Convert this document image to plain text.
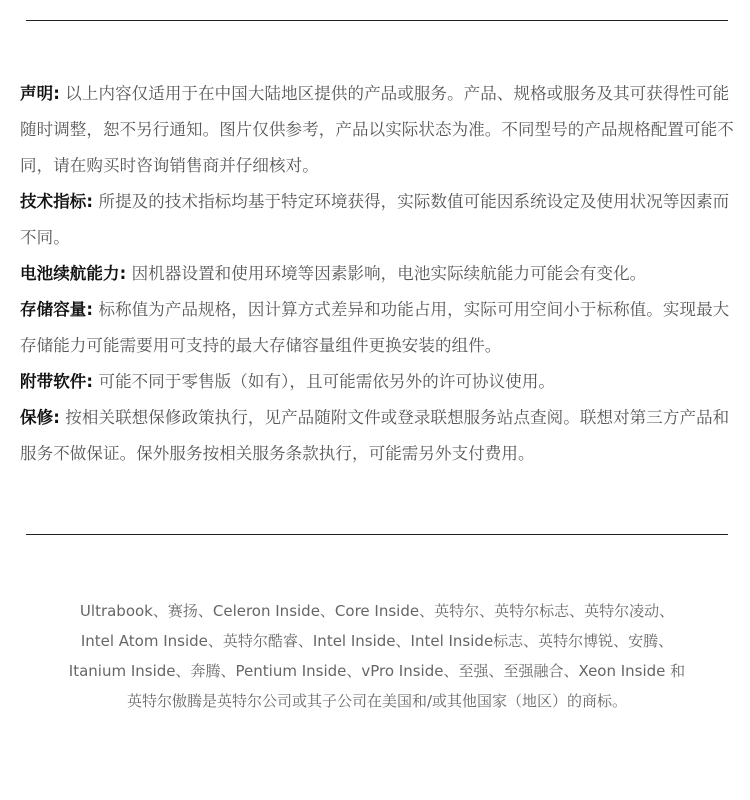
声明: 以上内容仅适用于在中国大陆地区提供的产品或服务。产品、规格或服务及其可获得性可能随时调整，恕不另行通知。图片仅供参考，产品以实际状态为准。不同型号的产品规格配置可能不同，请在购买时咨询销售商并仔细核对。

技术指标: 所提及的技术指标均基于特定环境获得，实际数值可能因系统设定及使用状况等因素而不同。

电池续航能力: 因机器设置和使用环境等因素影响，电池实际续航能力可能会有变化。

存储容量: 标称值为产品规格，因计算方式差异和功能占用，实际可用空间小于标称值。实现最大存储能力可能需要用可支持的最大存储容量组件更换安装的组件。

附带软件: 可能不同于零售版（如有），且可能需依另外的许可协议使用。

保修: 按相关联想保修政策执行，见产品随附文件或登录联想服务站点查阅。联想对第三方产品和服务不做保证。保外服务按相关服务条款执行，可能需另外支付费用。

Ultrabook、赛扬、Celeron Inside、Core Inside、英特尔、英特尔标志、英特尔凌动、
Intel Atom Inside、英特尔酷睿、Intel Inside、Intel Inside标志、英特尔博锐、安腾、
Itanium Inside、奔腾、Pentium Inside、vPro Inside、至强、至强融合、Xeon Inside 和
英特尔傲腾是英特尔公司或其子公司在美国和/或其他国家（地区）的商标。
